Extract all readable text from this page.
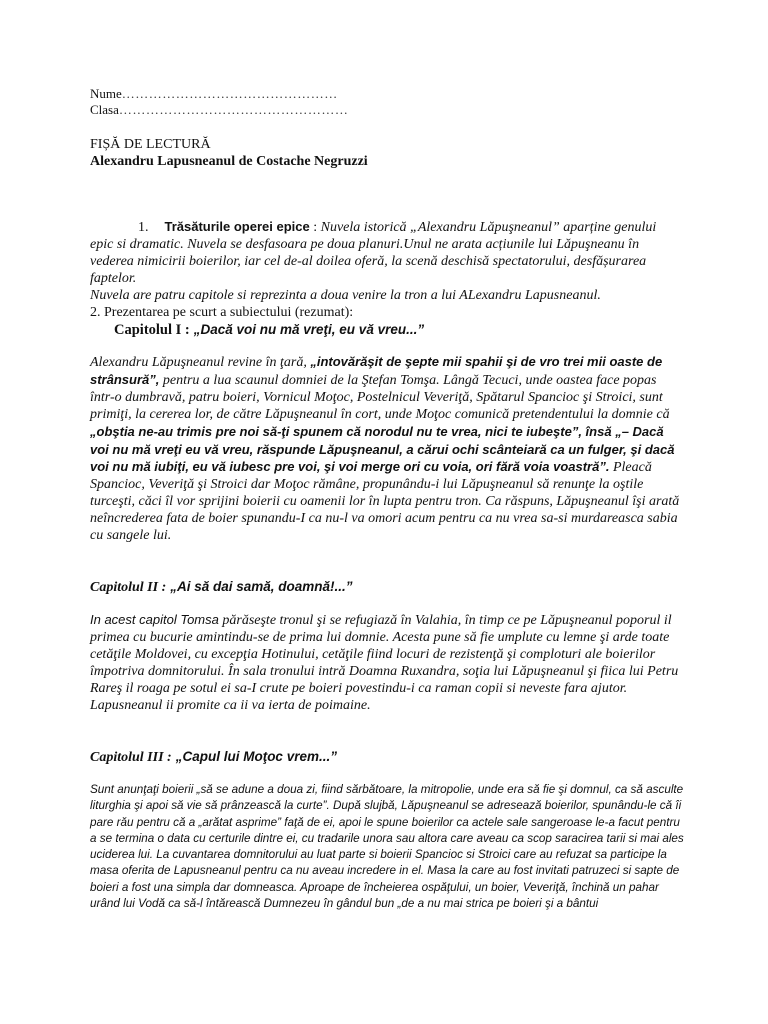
Nume…………………………………………
Clasa……………………………………………
FIȘĂ DE LECTURĂ
Alexandru Lapusneanul de Costache Negruzzi

1. Trăsăturile operei epice : Nuvela istorică „Alexandru Lăpuşneanul” aparține genului epic si dramatic. Nuvela se desfasoara pe doua planuri.Unul ne arata acțiunile lui Lăpuşneanu în vederea nimicirii boierilor, iar cel de-al doilea oferă, la scenă deschisă spectatorului, desfășurarea faptelor.

Nuvela are patru capitole si reprezinta a doua venire la tron a lui ALexandru Lapusneanul.

2. Prezentarea pe scurt a subiectului (rezumat):

Capitolul I : „Dacă voi nu mă vreţi, eu vă vreu...”

Alexandru Lăpuşneanul revine în ţară, „intovărăşit de şepte mii spahii şi de vro trei mii oaste de strânsură”, pentru a lua scaunul domniei de la Ştefan Tomşa. Lângă Tecuci, unde oastea face popas într-o dumbravă, patru boieri, Vornicul Moţoc, Postelnicul Veveriţă, Spătarul Spancioc şi Stroici, sunt primiţi, la cererea lor, de către Lăpuşneanul în cort, unde Moţoc comunică pretendentului la domnie că „obştia ne-au trimis pre noi să-ţi spunem că norodul nu te vrea, nici te iubeşte”, însă „– Dacă voi nu mă vreţi eu vă vreu, răspunde Lăpuşneanul, a cărui ochi scânteiară ca un fulger, şi dacă voi nu mă iubiţi, eu vă iubesc pre voi, şi voi merge ori cu voia, ori fără voia voastră”. Pleacă Spancioc, Veveriţă şi Stroici dar Moţoc rămâne, propunându-i lui Lăpuşneanul să renunţe la oştile turceşti, căci îl vor sprijini boierii cu oamenii lor în lupta pentru tron. Ca răspuns, Lăpuşneanul îşi arată neîncrederea fata de boier spunandu-I ca nu-l va omori acum pentru ca nu vrea sa-si murdareasca sabia cu sangele lui.

Capitolul II : „Ai să dai samă, doamnă!...”

In acest capitol Tomsa părăseşte tronul şi se refugiază în Valahia, în timp ce pe Lăpuşneanul poporul il primea cu bucurie amintindu-se de prima lui domnie. Acesta pune să fie umplute cu lemne şi arde toate cetăţile Moldovei, cu excepţia Hotinului, cetăţile fiind locuri de rezistenţă şi comploturi ale boierilor împotriva domnitorului. În sala tronului intră Doamna Ruxandra, soţia lui Lăpuşneanul şi fiica lui Petru Rareş il roaga pe sotul ei sa-I crute pe boieri povestindu-i ca raman copii si neveste fara ajutor. Lapusneanul ii promite ca ii va ierta de poimaine.

Capitolul III : „Capul lui Moţoc vrem...”

Sunt anunţaţi boierii „să se adune a doua zi, fiind sărbătoare, la mitropolie, unde era să fie şi domnul, ca să asculte liturghia şi apoi să vie să prânzească la curte”. După slujbă, Lăpuşneanul se adresează boierilor, spunându-le că îi pare rău pentru că a „arătat asprime” faţă de ei, apoi le spune boierilor ca actele sale sangeroase le-a facut pentru a se termina o data cu certurile dintre ei, cu tradarile unora sau altora care aveau ca scop saracirea tarii si mai ales uciderea lui. La cuvantarea domnitorului au luat parte si boierii Spancioc si Stroici care au refuzat sa participe la masa oferita de Lapusneanul pentru ca nu aveau incredere in el. Masa la care au fost invitati patruzeci si sapte de boieri a fost una simpla dar domneasca. Aproape de încheierea ospăţului, un boier, Veveriţă, închină un pahar urând lui Vodă ca să-l întărească Dumnezeu în gândul bun „de a nu mai strica pe boieri şi a bântui
